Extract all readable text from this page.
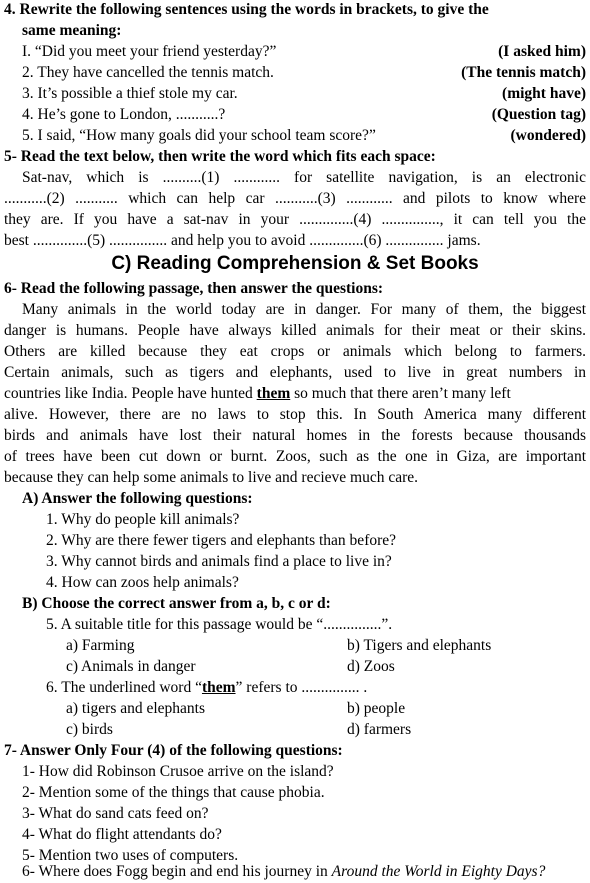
4. Rewrite the following sentences using the words in brackets, to give the
same meaning:
I. “Did you meet your friend yesterday?”	(I asked him)
2. They have cancelled the tennis match.	(The tennis match)
3. It’s possible a thief stole my car.	(might have)
4. He’s gone to London, ...........?	(Question tag)
5. I said, “How many goals did your school team score?”	(wondered)
5- Read the text below, then write the word which fits each space:
Sat-nav, which is ..........(1) ............ for satellite navigation, is an electronic
...........(2) ........... which can help car ...........(3) ............ and pilots to know where
they are. If you have a sat-nav in your ..............(4) ..............., it can tell you the
best ..............(5) ............... and help you to avoid ..............(6) ............... jams.
C) Reading Comprehension & Set Books
6- Read the following passage, then answer the questions:
Many animals in the world today are in danger. For many of them, the biggest
danger is humans. People have always killed animals for their meat or their skins.
Others are killed because they eat crops or animals which belong to farmers.
Certain animals, such as tigers and elephants, used to live in great numbers in
countries like India. People have hunted them so much that there aren’t many left
alive. However, there are no laws to stop this. In South America many different
birds and animals have lost their natural homes in the forests because thousands
of trees have been cut down or burnt. Zoos, such as the one in Giza, are important
because they can help some animals to live and recieve much care.
A) Answer the following questions:
1. Why do people kill animals?
2. Why are there fewer tigers and elephants than before?
3. Why cannot birds and animals find a place to live in?
4. How can zoos help animals?
B) Choose the correct answer from a, b, c or d:
5. A suitable title for this passage would be “...............”.
a) Farming	b) Tigers and elephants
c) Animals in danger	d) Zoos
6. The underlined word “them” refers to ............... .
a) tigers and elephants	b) people
c) birds	d) farmers
7- Answer Only Four (4) of the following questions:
1- How did Robinson Crusoe arrive on the island?
2- Mention some of the things that cause phobia.
3- What do sand cats feed on?
4- What do flight attendants do?
5- Mention two uses of computers.
6- Where does Fogg begin and end his journey in Around the World in Eighty Days?
